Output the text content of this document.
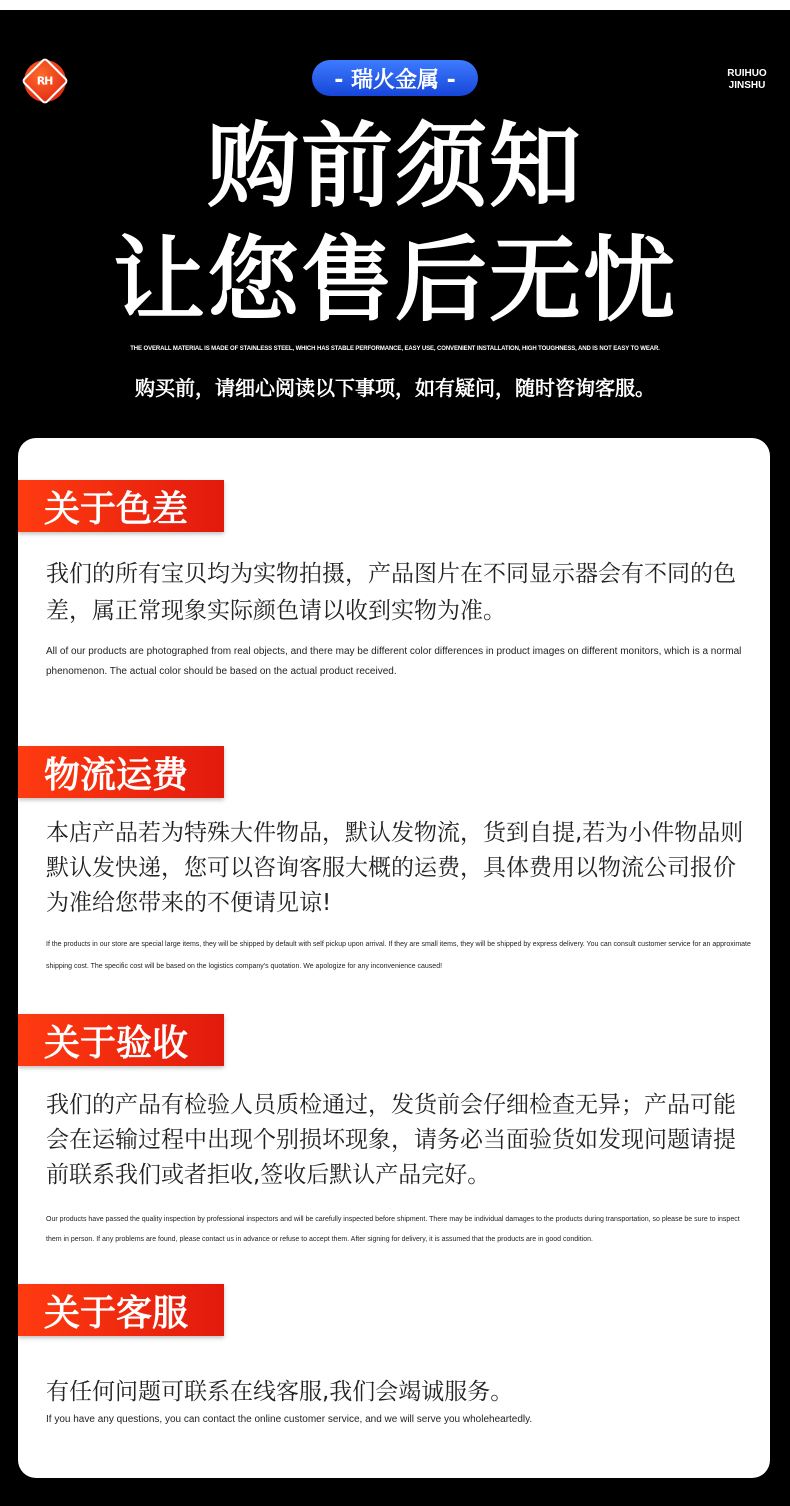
RH	- 瑞火金属 -	RUIHUO
JINSHU
购前须知
让您售后无忧
THE OVERALL MATERIAL IS MADE OF STAINLESS STEEL, WHICH HAS STABLE PERFORMANCE, EASY USE, CONVENIENT INSTALLATION, HIGH TOUGHNESS, AND IS NOT EASY TO WEAR.
购买前，请细心阅读以下事项，如有疑问，随时咨询客服。
关于色差
我们的所有宝贝均为实物拍摄，产品图片在不同显示器会有不同的色差，属正常现象实际颜色请以收到实物为准。
All of our products are photographed from real objects, and there may be different color differences in product images on different monitors, which is a normal phenomenon. The actual color should be based on the actual product received.
物流运费
本店产品若为特殊大件物品，默认发物流，货到自提,若为小件物品则默认发快递，您可以咨询客服大概的运费，具体费用以物流公司报价为准给您带来的不便请见谅!
If the products in our store are special large items, they will be shipped by default with self pickup upon arrival. If they are small items, they will be shipped by express delivery. You can consult customer service for an approximate shipping cost. The specific cost will be based on the logistics company's quotation. We apologize for any inconvenience caused!
关于验收
我们的产品有检验人员质检通过，发货前会仔细检查无异；产品可能会在运输过程中出现个别损坏现象，请务必当面验货如发现问题请提前联系我们或者拒收,签收后默认产品完好。
Our products have passed the quality inspection by professional inspectors and will be carefully inspected before shipment. There may be individual damages to the products during transportation, so please be sure to inspect them in person. If any problems are found, please contact us in advance or refuse to accept them. After signing for delivery, it is assumed that the products are in good condition.
关于客服
有任何问题可联系在线客服,我们会竭诚服务。
If you have any questions, you can contact the online customer service, and we will serve you wholeheartedly.
